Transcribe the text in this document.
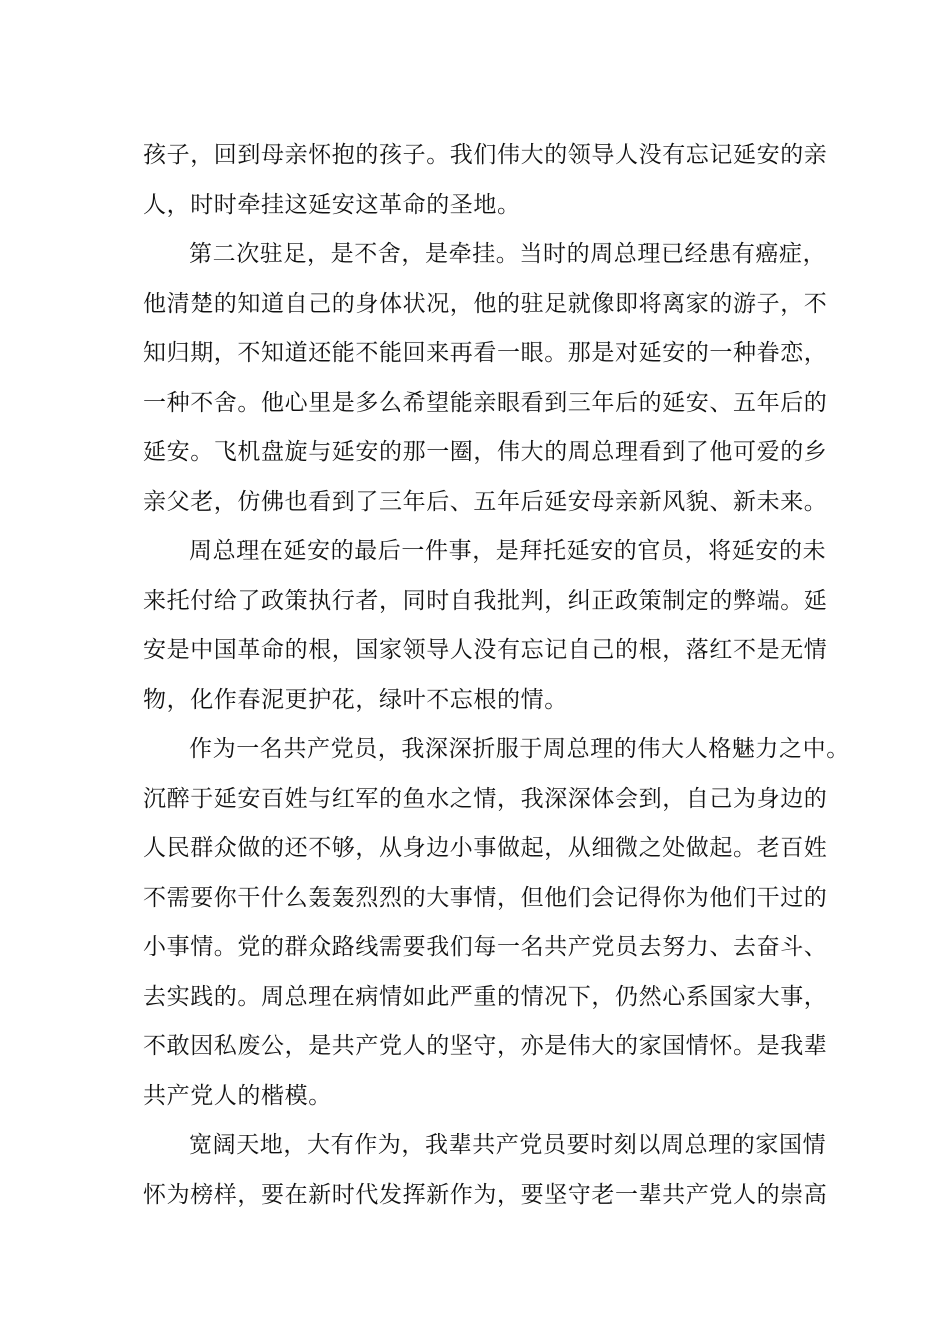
孩子，回到母亲怀抱的孩子。我们伟大的领导人没有忘记延安的亲
人，时时牵挂这延安这革命的圣地。
第二次驻足，是不舍，是牵挂。当时的周总理已经患有癌症，
他清楚的知道自己的身体状况，他的驻足就像即将离家的游子，不
知归期，不知道还能不能回来再看一眼。那是对延安的一种眷恋，
一种不舍。他心里是多么希望能亲眼看到三年后的延安、五年后的
延安。飞机盘旋与延安的那一圈，伟大的周总理看到了他可爱的乡
亲父老，仿佛也看到了三年后、五年后延安母亲新风貌、新未来。
周总理在延安的最后一件事，是拜托延安的官员，将延安的未
来托付给了政策执行者，同时自我批判，纠正政策制定的弊端。延
安是中国革命的根，国家领导人没有忘记自己的根，落红不是无情
物，化作春泥更护花，绿叶不忘根的情。
作为一名共产党员，我深深折服于周总理的伟大人格魅力之中。
沉醉于延安百姓与红军的鱼水之情，我深深体会到，自己为身边的
人民群众做的还不够，从身边小事做起，从细微之处做起。老百姓
不需要你干什么轰轰烈烈的大事情，但他们会记得你为他们干过的
小事情。党的群众路线需要我们每一名共产党员去努力、去奋斗、
去实践的。周总理在病情如此严重的情况下，仍然心系国家大事，
不敢因私废公，是共产党人的坚守，亦是伟大的家国情怀。是我辈
共产党人的楷模。
宽阔天地，大有作为，我辈共产党员要时刻以周总理的家国情
怀为榜样，要在新时代发挥新作为，要坚守老一辈共产党人的崇高
